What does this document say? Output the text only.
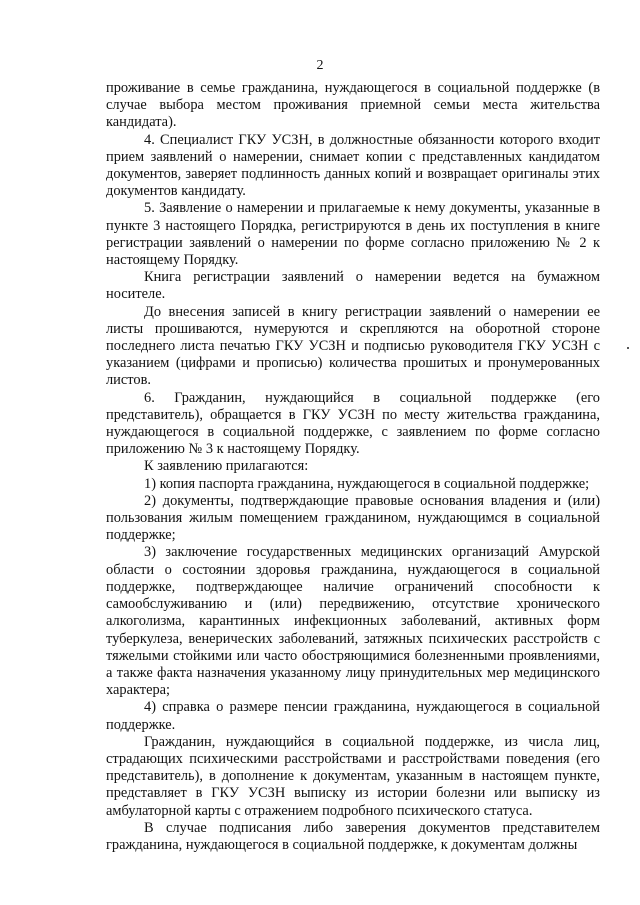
2

проживание в семье гражданина, нуждающегося в социальной поддержке (в случае выбора местом проживания приемной семьи места жительства кандидата).

4. Специалист ГКУ УСЗН, в должностные обязанности которого входит прием заявлений о намерении, снимает копии с представленных кандидатом документов, заверяет подлинность данных копий и возвращает оригиналы этих документов кандидату.

5. Заявление о намерении и прилагаемые к нему документы, указанные в пункте 3 настоящего Порядка, регистрируются в день их поступления в книге регистрации заявлений о намерении по форме согласно приложению № 2 к настоящему Порядку.

Книга регистрации заявлений о намерении ведется на бумажном носителе.

До внесения записей в книгу регистрации заявлений о намерении ее листы прошиваются, нумеруются и скрепляются на оборотной стороне последнего листа печатью ГКУ УСЗН и подписью руководителя ГКУ УСЗН с указанием (цифрами и прописью) количества прошитых и пронумерованных листов.

6. Гражданин, нуждающийся в социальной поддержке (его представитель), обращается в ГКУ УСЗН по месту жительства гражданина, нуждающегося в социальной поддержке, с заявлением по форме согласно приложению № 3 к настоящему Порядку.

К заявлению прилагаются:

1) копия паспорта гражданина, нуждающегося в социальной поддержке;

2) документы, подтверждающие правовые основания владения и (или) пользования жилым помещением гражданином, нуждающимся в социальной поддержке;

3) заключение государственных медицинских организаций Амурской области о состоянии здоровья гражданина, нуждающегося в социальной поддержке, подтверждающее наличие ограничений способности к самообслуживанию и (или) передвижению, отсутствие хронического алкоголизма, карантинных инфекционных заболеваний, активных форм туберкулеза, венерических заболеваний, затяжных психических расстройств с тяжелыми стойкими или часто обостряющимися болезненными проявлениями, а также факта назначения указанному лицу принудительных мер медицинского характера;

4) справка о размере пенсии гражданина, нуждающегося в социальной поддержке.

Гражданин, нуждающийся в социальной поддержке, из числа лиц, страдающих психическими расстройствами и расстройствами поведения (его представитель), в дополнение к документам, указанным в настоящем пункте, представляет в ГКУ УСЗН выписку из истории болезни или выписку из амбулаторной карты с отражением подробного психического статуса.

В случае подписания либо заверения документов представителем гражданина, нуждающегося в социальной поддержке, к документам должны
